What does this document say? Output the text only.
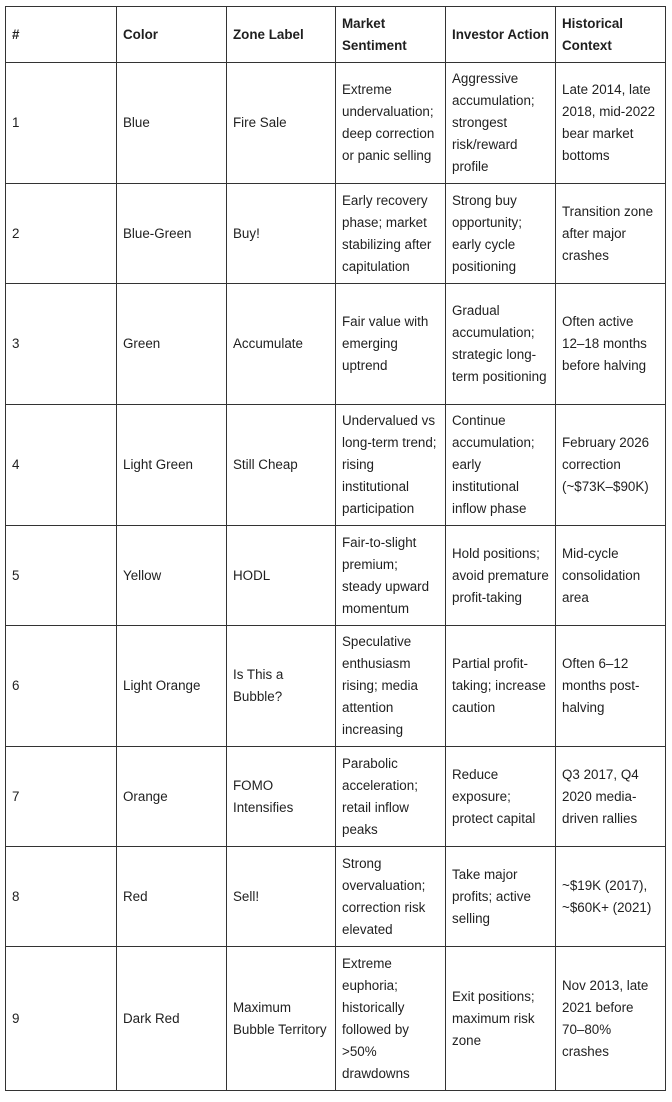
#	Color	Zone Label	Market Sentiment	Investor Action	Historical Context
1	Blue	Fire Sale	Extreme undervaluation; deep correction or panic selling	Aggressive accumulation; strongest risk/reward profile	Late 2014, late 2018, mid-2022 bear market bottoms
2	Blue-Green	Buy!	Early recovery phase; market stabilizing after capitulation	Strong buy opportunity; early cycle positioning	Transition zone after major crashes
3	Green	Accumulate	Fair value with emerging uptrend	Gradual accumulation; strategic long-term positioning	Often active 12–18 months before halving
4	Light Green	Still Cheap	Undervalued vs long-term trend; rising institutional participation	Continue accumulation; early institutional inflow phase	February 2026 correction (~$73K–$90K)
5	Yellow	HODL	Fair-to-slight premium; steady upward momentum	Hold positions; avoid premature profit-taking	Mid-cycle consolidation area
6	Light Orange	Is This a Bubble?	Speculative enthusiasm rising; media attention increasing	Partial profit-taking; increase caution	Often 6–12 months post-halving
7	Orange	FOMO Intensifies	Parabolic acceleration; retail inflow peaks	Reduce exposure; protect capital	Q3 2017, Q4 2020 media-driven rallies
8	Red	Sell!	Strong overvaluation; correction risk elevated	Take major profits; active selling	~$19K (2017), ~$60K+ (2021)
9	Dark Red	Maximum Bubble Territory	Extreme euphoria; historically followed by >50% drawdowns	Exit positions; maximum risk zone	Nov 2013, late 2021 before 70–80% crashes
